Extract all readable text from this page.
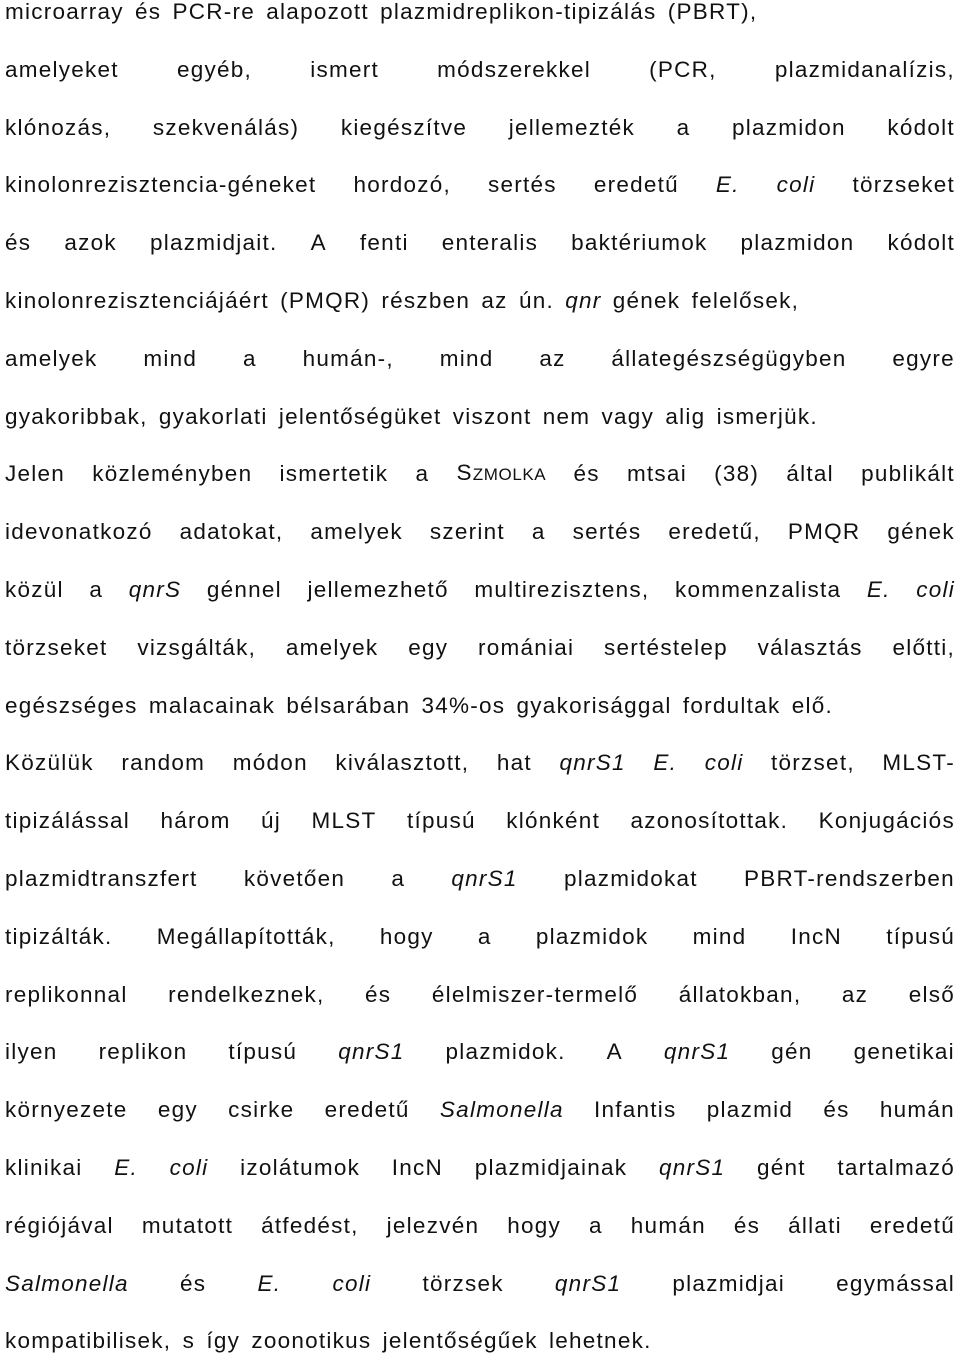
microarray és PCR-re alapozott plazmidreplikon-tipizálás (PBRT),
amelyeket	egyéb,	ismert	módszerekkel	(PCR,	plazmidanalízis,
klónozás, szekvenálás) kiegészítve jellemezték a plazmidon kódolt
kinolonrezisztencia-géneket hordozó, sertés eredetű E. coli törzseket
és azok plazmidjait. A fenti enteralis baktériumok plazmidon kódolt
kinolonrezisztenciájáért (PMQR) részben az ún. qnr gének felelősek,
amelyek mind a humán-, mind az állategészségügyben egyre
gyakoribbak, gyakorlati jelentőségüket viszont nem vagy alig ismerjük.
Jelen közleményben ismertetik a SZMOLKA és mtsai (38) által publikált
idevonatkozó adatokat, amelyek szerint a sertés eredetű, PMQR gének
közül a qnrS génnel jellemezhető multirezisztens, kommenzalista E. coli
törzseket vizsgálták, amelyek egy romániai sertéstelep választás előtti,
egészséges malacainak bélsarában 34%-os gyakorisággal fordultak elő.
Közülük random módon kiválasztott, hat qnrS1 E. coli törzset, MLST-
tipizálással három új MLST típusú klónként azonosítottak. Konjugációs
plazmidtranszfert követően a qnrS1 plazmidokat PBRT-rendszerben
tipizálták. Megállapították, hogy a plazmidok mind IncN típusú
replikonnal rendelkeznek, és élelmiszer-termelő állatokban, az első
ilyen replikon típusú qnrS1 plazmidok. A qnrS1 gén genetikai
környezete egy csirke eredetű Salmonella Infantis plazmid és humán
klinikai E. coli izolátumok IncN plazmidjainak qnrS1 gént tartalmazó
régiójával mutatott átfedést, jelezvén hogy a humán és állati eredetű
Salmonella és E. coli törzsek qnrS1 plazmidjai egymással
kompatibilisek, s így zoonotikus jelentőségűek lehetnek.
